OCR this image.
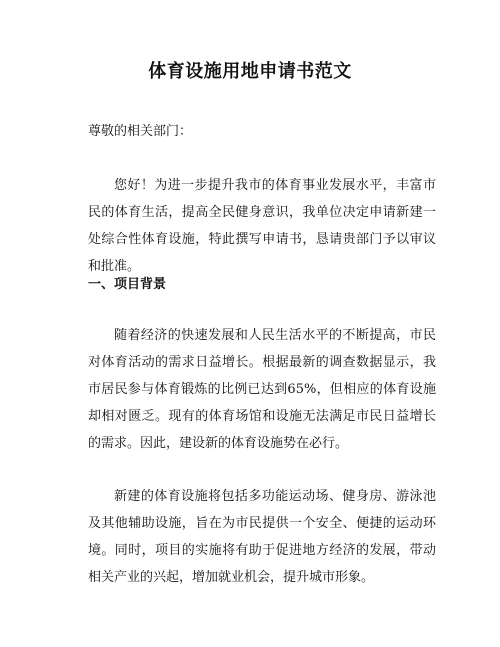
体育设施用地申请书范文
尊敬的相关部门：

您好！为进一步提升我市的体育事业发展水平，丰富市民的体育生活，提高全民健身意识，我单位决定申请新建一处综合性体育设施，特此撰写申请书，恳请贵部门予以审议和批准。

一、项目背景

随着经济的快速发展和人民生活水平的不断提高，市民对体育活动的需求日益增长。根据最新的调查数据显示，我市居民参与体育锻炼的比例已达到65%，但相应的体育设施却相对匮乏。现有的体育场馆和设施无法满足市民日益增长的需求。因此，建设新的体育设施势在必行。

新建的体育设施将包括多功能运动场、健身房、游泳池及其他辅助设施，旨在为市民提供一个安全、便捷的运动环境。同时，项目的实施将有助于促进地方经济的发展，带动相关产业的兴起，增加就业机会，提升城市形象。
